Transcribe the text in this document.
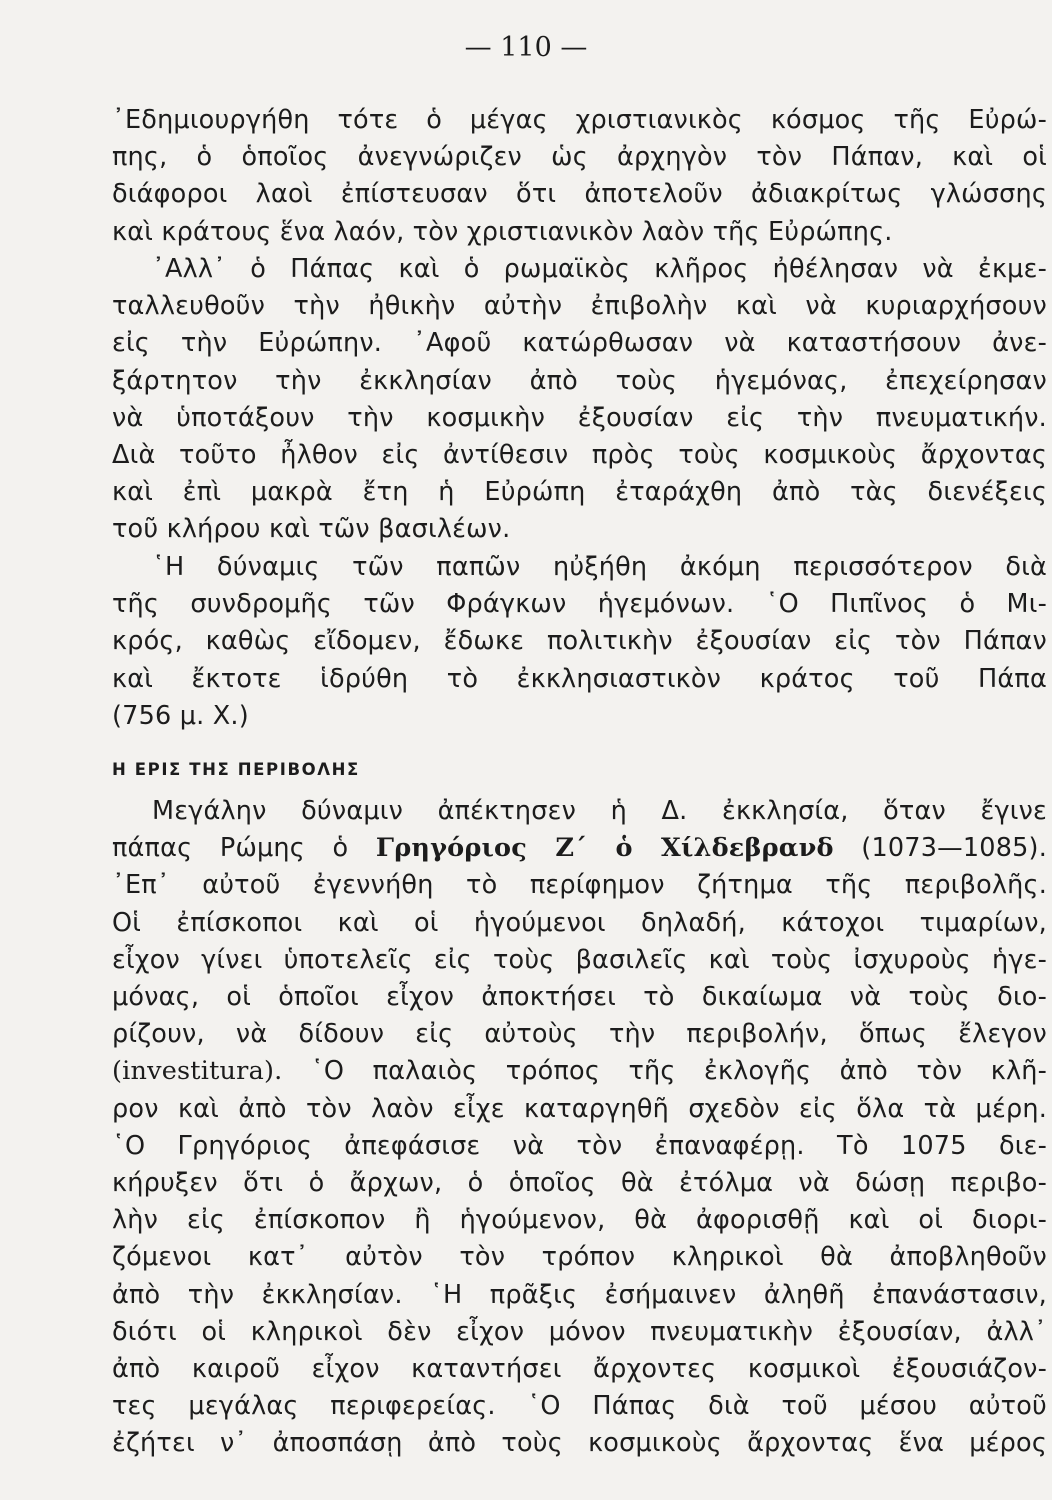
— 110 —
᾿Εδημιουργήθη τότε ὁ μέγας χριστιανικὸς κόσμος τῆς Εὐρώ-
πης, ὁ ὁποῖος ἀνεγνώριζεν ὡς ἀρχηγὸν τὸν Πάπαν, καὶ οἱ
διάφοροι λαοὶ ἐπίστευσαν ὅτι ἀποτελοῦν ἀδιακρίτως γλώσσης
καὶ κράτους ἕνα λαόν, τὸν χριστιανικὸν λαὸν τῆς Εὐρώπης.
᾿Αλλ᾿ ὁ Πάπας καὶ ὁ ρωμαϊκὸς κλῆρος ἠθέλησαν νὰ ἐκμε-
ταλλευθοῦν τὴν ἠθικὴν αὐτὴν ἐπιβολὴν καὶ νὰ κυριαρχήσουν
εἰς τὴν Εὐρώπην. ᾿Αφοῦ κατώρθωσαν νὰ καταστήσουν ἀνε-
ξάρτητον τὴν ἐκκλησίαν ἀπὸ τοὺς ἡγεμόνας, ἐπεχείρησαν
νὰ ὑποτάξουν τὴν κοσμικὴν ἐξουσίαν εἰς τὴν πνευματικήν.
Διὰ τοῦτο ἦλθον εἰς ἀντίθεσιν πρὸς τοὺς κοσμικοὺς ἄρχοντας
καὶ ἐπὶ μακρὰ ἔτη ἡ Εὐρώπη ἐταράχθη ἀπὸ τὰς διενέξεις
τοῦ κλήρου καὶ τῶν βασιλέων.
῾Η δύναμις τῶν παπῶν ηὐξήθη ἀκόμη περισσότερον διὰ
τῆς συνδρομῆς τῶν Φράγκων ἡγεμόνων. ῾Ο Πιπῖνος ὁ Μι-
κρός, καθὼς εἴδομεν, ἔδωκε πολιτικὴν ἐξουσίαν εἰς τὸν Πάπαν
καὶ ἔκτοτε ἱδρύθη τὸ ἐκκλησιαστικὸν κράτος τοῦ Πάπα
(756 μ. Χ.)
Η ΕΡΙΣ ΤΗΣ ΠΕΡΙΒΟΛΗΣ
Μεγάλην δύναμιν ἀπέκτησεν ἡ Δ. ἐκκλησία, ὅταν ἔγινε
πάπας Ρώμης ὁ Γρηγόριος Ζ΄ ὁ Χίλδεβρανδ (1073—1085).
᾿Επ᾿ αὐτοῦ ἐγεννήθη τὸ περίφημον ζήτημα τῆς περιβολῆς.
Οἱ ἐπίσκοποι καὶ οἱ ἡγούμενοι δηλαδή, κάτοχοι τιμαρίων,
εἶχον γίνει ὑποτελεῖς εἰς τοὺς βασιλεῖς καὶ τοὺς ἰσχυροὺς ἡγε-
μόνας, οἱ ὁποῖοι εἶχον ἀποκτήσει τὸ δικαίωμα νὰ τοὺς διο-
ρίζουν, νὰ δίδουν εἰς αὐτοὺς τὴν περιβολήν, ὅπως ἔλεγον
(investitura). ῾Ο παλαιὸς τρόπος τῆς ἐκλογῆς ἀπὸ τὸν κλῆ-
ρον καὶ ἀπὸ τὸν λαὸν εἶχε καταργηθῆ σχεδὸν εἰς ὅλα τὰ μέρη.
῾Ο Γρηγόριος ἀπεφάσισε νὰ τὸν ἐπαναφέρῃ. Τὸ 1075 διε-
κήρυξεν ὅτι ὁ ἄρχων, ὁ ὁποῖος θὰ ἐτόλμα νὰ δώσῃ περιβο-
λὴν εἰς ἐπίσκοπον ἢ ἡγούμενον, θὰ ἀφορισθῇ καὶ οἱ διορι-
ζόμενοι κατ᾿ αὐτὸν τὸν τρόπον κληρικοὶ θὰ ἀποβληθοῦν
ἀπὸ τὴν ἐκκλησίαν. ῾Η πρᾶξις ἐσήμαινεν ἀληθῆ ἐπανάστασιν,
διότι οἱ κληρικοὶ δὲν εἶχον μόνον πνευματικὴν ἐξουσίαν, ἀλλ᾿
ἀπὸ καιροῦ εἶχον καταντήσει ἄρχοντες κοσμικοὶ ἐξουσιάζον-
τες μεγάλας περιφερείας. ῾Ο Πάπας διὰ τοῦ μέσου αὐτοῦ
ἐζήτει ν᾿ ἀποσπάσῃ ἀπὸ τοὺς κοσμικοὺς ἄρχοντας ἕνα μέρος
